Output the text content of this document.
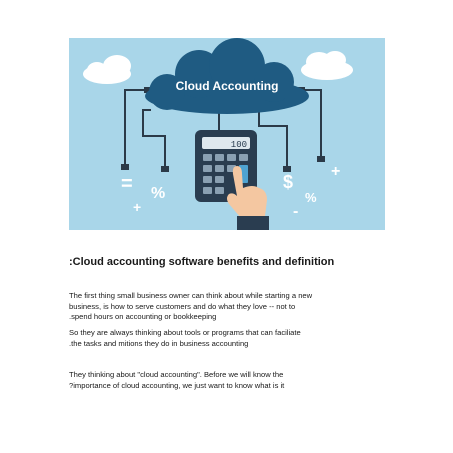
Cloud Accounting
100
= %
+
$
%
-
+
:Cloud accounting software benefits and definition
The first thing small business owner can think about while starting a new
business, is how to serve customers and do what they love -- not to
.spend hours on accounting or bookkeeping
So they are always thinking about tools or programs that can faciliate
.the tasks and mitions they do in business accounting
They thinking about "cloud accounting". Before we will know the
?importance of cloud accounting, we just want to know what is it
